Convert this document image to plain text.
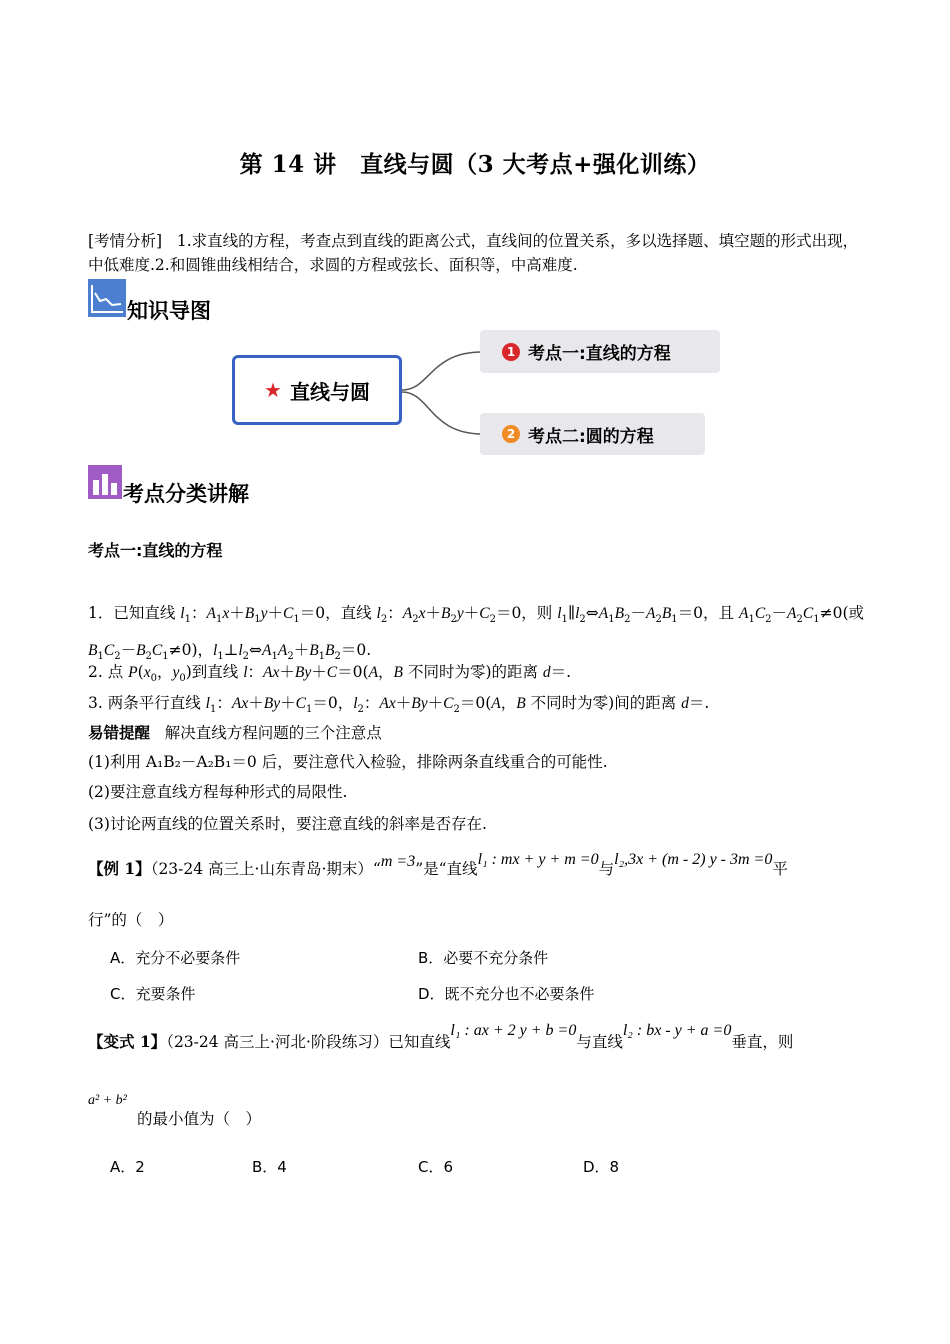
第 14 讲　直线与圆（3 大考点+强化训练）
[考情分析] 1.求直线的方程，考查点到直线的距离公式，直线间的位置关系，多以选择题、填空题的形式出现，中低难度.2.和圆锥曲线相结合，求圆的方程或弦长、面积等，中高难度.
知识导图
★ 直线与圆
1 考点一:直线的方程
2 考点二:圆的方程
考点分类讲解
考点一:直线的方程
1．已知直线 $l_1$：$A_1x+B_1y+C_1=0$，直线 $l_2$：$A_2x+B_2y+C_2=0$，则 $l_1\parallel l_2\Leftrightarrow A_1B_2-A_2B_1=0$，且 $A_1C_2-A_2C_1\ne 0$(或 $B_1C_2-B_2C_1\ne 0$)，$l_1\perp l_2\Leftrightarrow A_1A_2+B_1B_2=0$.
2. 点 $P(x_0$，$y_0$)到直线 l：Ax＋By＋C＝0(A，B 不同时为零)的距离 d＝.
3. 两条平行直线 $l_1$：$Ax+By+C_1=0$，$l_2$：$Ax+By+C_2=0(A$，B 不同时为零)间的距离 d＝.
易错提醒 解决直线方程问题的三个注意点
(1)利用 A₁B₂－A₂B₁＝0 后，要注意代入检验，排除两条直线重合的可能性.
(2)要注意直线方程每种形式的局限性.
(3)讨论两直线的位置关系时，要注意直线的斜率是否存在.
【例 1】（23-24 高三上·山东青岛·期末）“m =3”是“直线l₁ : mx + y + m =0与l₂,3x + (m - 2) y - 3m =0平
行”的（　）
A．充分不必要条件	B．必要不充分条件
C．充要条件	D．既不充分也不必要条件
【变式 1】（23-24 高三上·河北·阶段练习）已知直线l₁ : ax + 2 y + b =0与直线l₂ : bx - y + a =0垂直，则
a² + b²
的最小值为（　）
A．2	B．4	C．6	D．8
